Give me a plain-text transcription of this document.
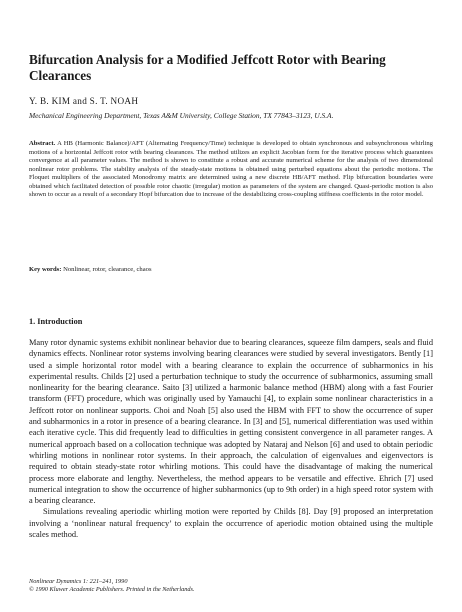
Bifurcation Analysis for a Modified Jeffcott Rotor with Bearing Clearances
Y. B. KIM and S. T. NOAH
Mechanical Engineering Department, Texas A&M University, College Station, TX 77843–3123, U.S.A.
Abstract. A HB (Harmonic Balance)/AFT (Alternating Frequency/Time) technique is developed to obtain synchronous and subsynchronous whirling motions of a horizontal Jeffcott rotor with bearing clearances. The method utilizes an explicit Jacobian form for the iterative process which guarantees convergence at all parameter values. The method is shown to constitute a robust and accurate numerical scheme for the analysis of two dimensional nonlinear rotor problems. The stability analysis of the steady-state motions is obtained using perturbed equations about the periodic motions. The Floquet multipliers of the associated Monodromy matrix are determined using a new discrete HB/AFT method. Flip bifurcation boundaries were obtained which facilitated detection of possible rotor chaotic (irregular) motion as parameters of the system are changed. Quasi-periodic motion is also shown to occur as a result of a secondary Hopf bifurcation due to increase of the destabilizing cross-coupling stiffness coefficients in the rotor model.
Key words: Nonlinear, rotor, clearance, chaos
1. Introduction

Many rotor dynamic systems exhibit nonlinear behavior due to bearing clearances, squeeze film dampers, seals and fluid dynamics effects. Nonlinear rotor systems involving bearing clearances were studied by several investigators. Bently [1] used a simple horizontal rotor model with a bearing clearance to explain the occurrence of subharmonics in his experimental results. Childs [2] used a perturbation technique to study the occurrence of subharmonics, assuming small nonlinearity for the bearing clearance. Saito [3] utilized a harmonic balance method (HBM) along with a fast Fourier transform (FFT) procedure, which was originally used by Yamauchi [4], to explain some nonlinear characteristics in a Jeffcott rotor on nonlinear supports. Choi and Noah [5] also used the HBM with FFT to show the occurrence of super and subharmonics in a rotor in presence of a bearing clearance. In [3] and [5], numerical differentiation was used within each iterative cycle. This did frequently lead to difficulties in getting consistent convergence in all parameter ranges. A numerical approach based on a collocation technique was adopted by Nataraj and Nelson [6] and used to obtain periodic whirling motions in nonlinear rotor systems. In their approach, the calculation of eigenvalues and eigenvectors is required to obtain steady-state rotor whirling motions. This could have the disadvantage of making the numerical process more elaborate and lengthy. Nevertheless, the method appears to be versatile and effective. Ehrich [7] used numerical integration to show the occurrence of higher subharmonics (up to 9th order) in a high speed rotor system with a bearing clearance.

Simulations revealing aperiodic whirling motion were reported by Childs [8]. Day [9] proposed an interpretation involving a ‘nonlinear natural frequency’ to explain the occurrence of aperiodic motion obtained using the multiple scales method.

Nonlinear Dynamics 1: 221–241, 1990
© 1990 Kluwer Academic Publishers. Printed in the Netherlands.
